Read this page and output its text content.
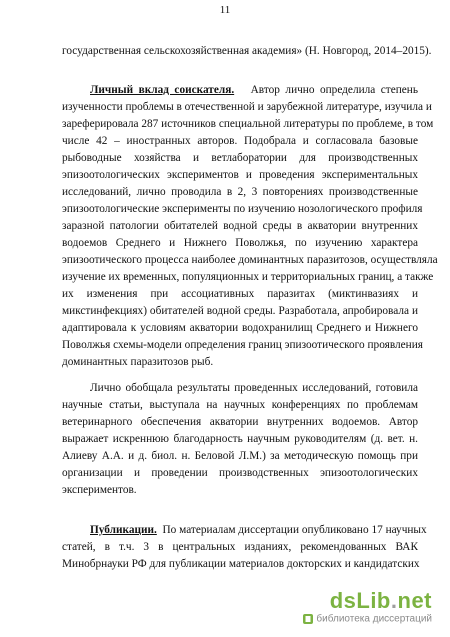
11
государственная сельскохозяйственная академия» (Н. Новгород, 2014–2015).
Личный вклад соискателя. Автор лично определила степень
изученности проблемы в отечественной и зарубежной литературе, изучила и
зареферировала 287 источников специальной литературы по проблеме, в том
числе 42 – иностранных авторов. Подобрала и согласовала базовые
рыбоводные хозяйства и ветлаборатории для производственных
эпизоотологических экспериментов и проведения экспериментальных
исследований, лично проводила в 2, 3 повторениях производственные
эпизоотологические эксперименты по изучению нозологического профиля
заразной патологии обитателей водной среды в акватории внутренних
водоемов Среднего и Нижнего Поволжья, по изучению характера
эпизоотического процесса наиболее доминантных паразитозов, осуществляла
изучение их временных, популяционных и территориальных границ, а также
их изменения при ассоциативных паразитах (миктинвазиях и
микстинфекциях) обитателей водной среды. Разработала, апробировала и
адаптировала к условиям акватории водохранилищ Среднего и Нижнего
Поволжья схемы-модели определения границ эпизоотического проявления
доминантных паразитозов рыб.
Лично обобщала результаты проведенных исследований, готовила
научные статьи, выступала на научных конференциях по проблемам
ветеринарного обеспечения акватории внутренних водоемов. Автор
выражает искреннюю благодарность научным руководителям (д. вет. н.
Алиеву А.А. и д. биол. н. Беловой Л.М.) за методическую помощь при
организации и проведении производственных эпизоотологических
экспериментов.
Публикации. По материалам диссертации опубликовано 17 научных
статей, в т.ч. 3 в центральных изданиях, рекомендованных ВАК
Минобрнауки РФ для публикации материалов докторских и кандидатских
dsLib.net
библиотека диссертаций
